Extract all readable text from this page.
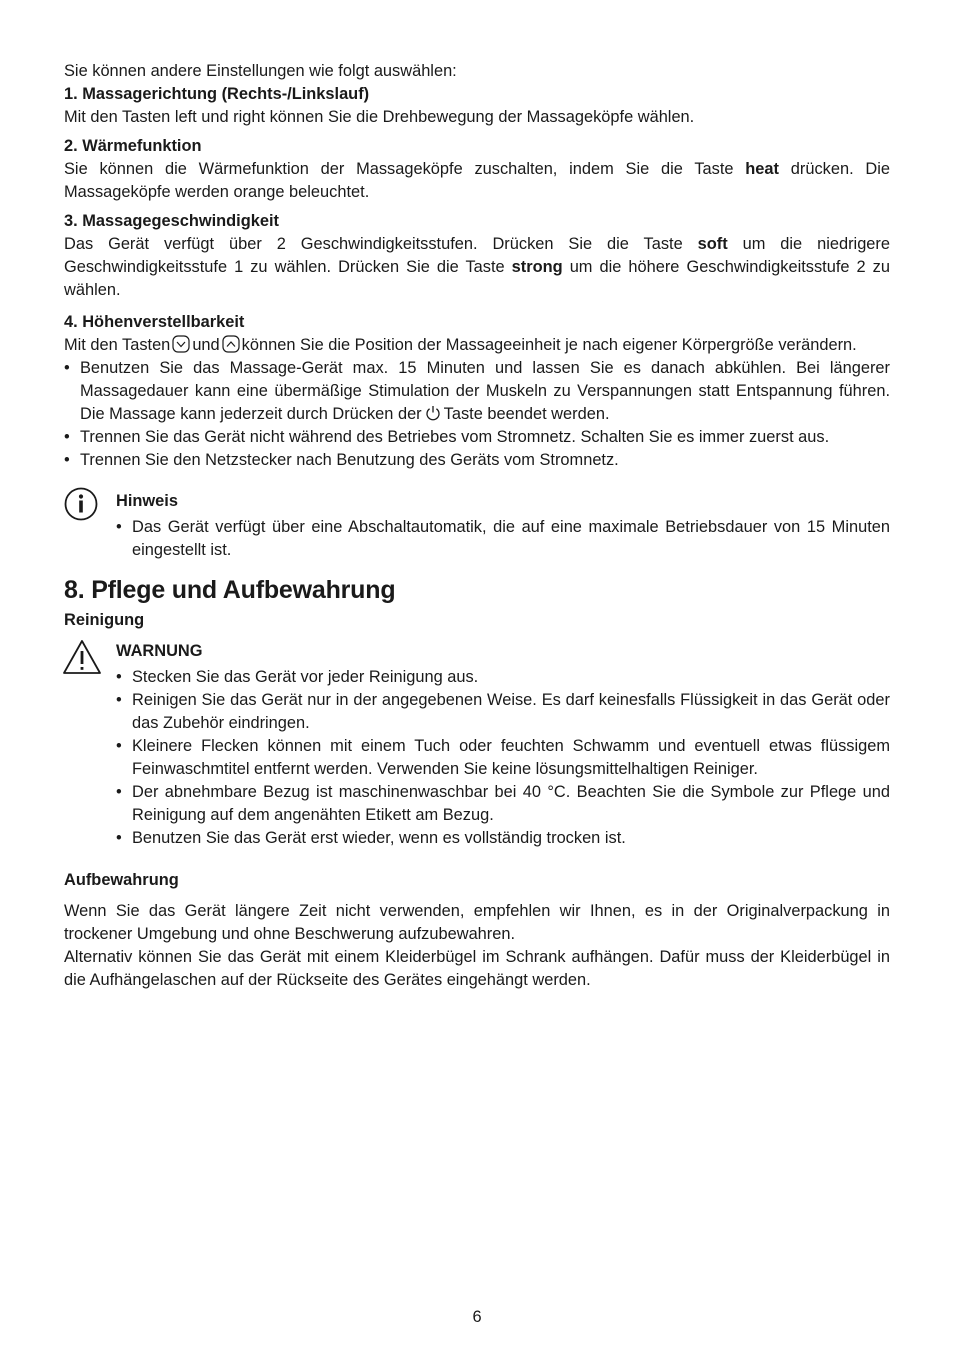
Sie können andere Einstellungen wie folgt auswählen:

1. Massagerichtung (Rechts-/Linkslauf)

Mit den Tasten left und right können Sie die Drehbewegung der Massageköpfe wählen.

2. Wärmefunktion

Sie können die Wärmefunktion der Massageköpfe zuschalten, indem Sie die Taste heat drücken. Die Massageköpfe werden orange beleuchtet.

3. Massagegeschwindigkeit

Das Gerät verfügt über 2 Geschwindigkeitsstufen. Drücken Sie die Taste soft um die niedrigere Geschwindigkeitsstufe 1 zu wählen. Drücken Sie die Taste strong um die höhere Geschwindigkeitsstufe 2 zu wählen.

4. Höhenverstellbarkeit

Mit den Tasten und können Sie die Position der Massageeinheit je nach eigener Körpergröße verändern.

• Benutzen Sie das Massage-Gerät max. 15 Minuten und lassen Sie es danach abkühlen. Bei längerer Massagedauer kann eine übermäßige Stimulation der Muskeln zu Verspannungen statt Entspannung führen. Die Massage kann jederzeit durch Drücken der Taste beendet werden.
• Trennen Sie das Gerät nicht während des Betriebes vom Stromnetz. Schalten Sie es immer zuerst aus.
• Trennen Sie den Netzstecker nach Benutzung des Geräts vom Stromnetz.

Hinweis

• Das Gerät verfügt über eine Abschaltautomatik, die auf eine maximale Betriebsdauer von 15 Minuten eingestellt ist.
8. Pflege und Aufbewahrung

Reinigung

WARNUNG

• Stecken Sie das Gerät vor jeder Reinigung aus.
• Reinigen Sie das Gerät nur in der angegebenen Weise. Es darf keinesfalls Flüssigkeit in das Gerät oder das Zubehör eindringen.
• Kleinere Flecken können mit einem Tuch oder feuchten Schwamm und eventuell etwas flüssigem Feinwaschmtitel entfernt werden. Verwenden Sie keine lösungsmittelhaltigen Reiniger.
• Der abnehmbare Bezug ist maschinenwaschbar bei 40 °C. Beachten Sie die Symbole zur Pflege und Reinigung auf dem angenähten Etikett am Bezug.
• Benutzen Sie das Gerät erst wieder, wenn es vollständig trocken ist.

Aufbewahrung

Wenn Sie das Gerät längere Zeit nicht verwenden, empfehlen wir Ihnen, es in der Originalverpackung in trockener Umgebung und ohne Beschwerung aufzubewahren.

Alternativ können Sie das Gerät mit einem Kleiderbügel im Schrank aufhängen. Dafür muss der Kleiderbügel in die Aufhängelaschen auf der Rückseite des Gerätes eingehängt werden.

6
